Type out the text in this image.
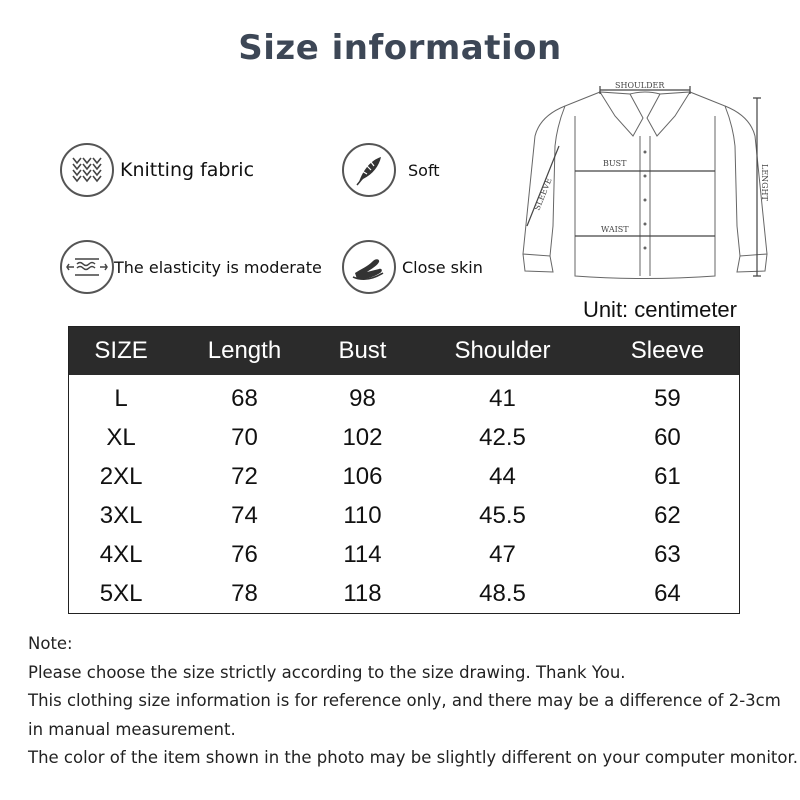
Size information
Knitting fabric	Soft
The elasticity is moderate	Close skin
SHOULDER
BUST
WAIST
SLEEVE	LENGHT
Unit: centimeter
SIZE	Length	Bust	Shoulder	Sleeve
L	68	98	41	59
XL	70	102	42.5	60
2XL	72	106	44	61
3XL	74	110	45.5	62
4XL	76	114	47	63
5XL	78	118	48.5	64
Note:
Please choose the size strictly according to the size drawing. Thank You.
This clothing size information is for reference only, and there may be a difference of 2-3cm
in manual measurement.
The color of the item shown in the photo may be slightly different on your computer monitor.
